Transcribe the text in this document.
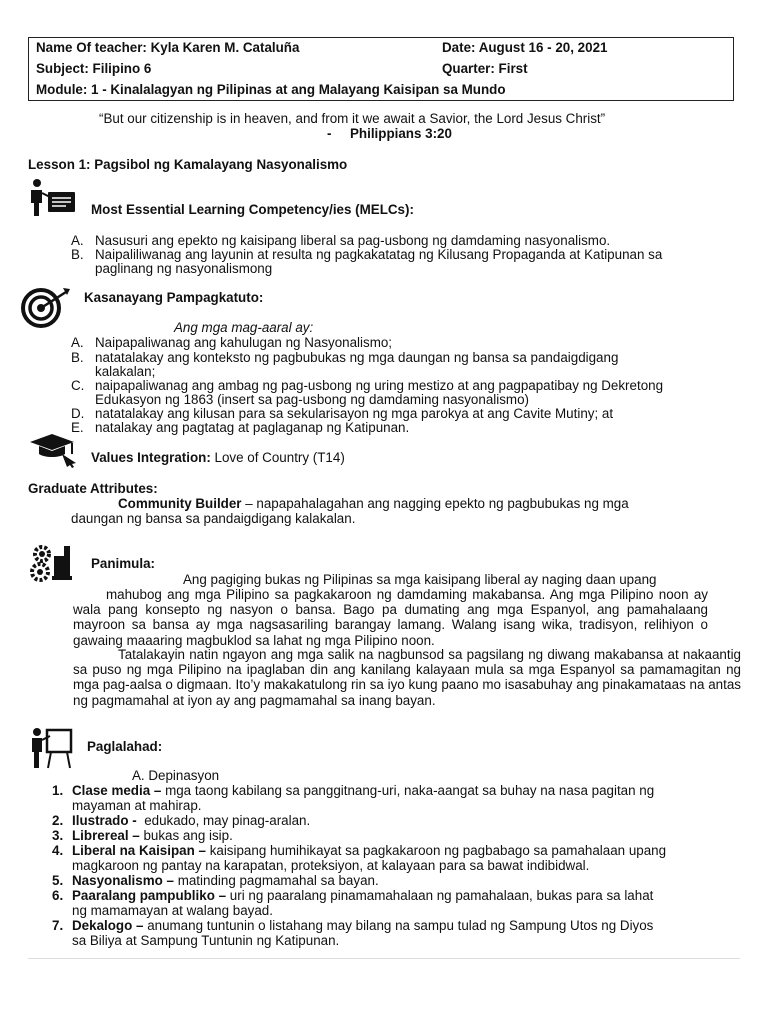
Name Of teacher: Kyla Karen M. Cataluña	Date: August 16 - 20, 2021
Subject: Filipino 6	Quarter: First
Module: 1 - Kinalalagyan ng Pilipinas at ang Malayang Kaisipan sa Mundo
“But our citizenship is in heaven, and from it we await a Savior, the Lord Jesus Christ”
- Philippians 3:20
Lesson 1: Pagsibol ng Kamalayang Nasyonalismo
Most Essential Learning Competency/ies (MELCs):
A. Nasusuri ang epekto ng kaisipang liberal sa pag-usbong ng damdaming nasyonalismo.
B. Naipaliliwanag ang layunin at resulta ng pagkakatatag ng Kilusang Propaganda at Katipunan sa
paglinang ng nasyonalismong
Kasanayang Pampagkatuto:
Ang mga mag-aaral ay:
A. Naipapaliwanag ang kahulugan ng Nasyonalismo;
B. natatalakay ang konteksto ng pagbubukas ng mga daungan ng bansa sa pandaigdigang
kalakalan;
C. naipapaliwanag ang ambag ng pag-usbong ng uring mestizo at ang pagpapatibay ng Dekretong
Edukasyon ng 1863 (insert sa pag-usbong ng damdaming nasyonalismo)
D. natatalakay ang kilusan para sa sekularisayon ng mga parokya at ang Cavite Mutiny; at
E. natalakay ang pagtatag at paglaganap ng Katipunan.
Values Integration: Love of Country (T14)
Graduate Attributes:
Community Builder – napapahalagahan ang nagging epekto ng pagbubukas ng mga
daungan ng bansa sa pandaigdigang kalakalan.
Panimula:
Ang pagiging bukas ng Pilipinas sa mga kaisipang liberal ay naging daan upang
mahubog ang mga Pilipino sa pagkakaroon ng damdaming makabansa. Ang mga Pilipino noon ay wala pang konsepto ng nasyon o bansa. Bago pa dumating ang mga Espanyol, ang pamahalaang mayroon sa bansa ay mga nagsasariling barangay lamang. Walang isang wika, tradisyon, relihiyon o gawaing maaaring magbuklod sa lahat ng mga Pilipino noon.
Tatalakayin natin ngayon ang mga salik na nagbunsod sa pagsilang ng diwang makabansa at nakaantig sa puso ng mga Pilipino na ipaglaban din ang kanilang kalayaan mula sa mga Espanyol sa pamamagitan ng mga pag-aalsa o digmaan. Ito’y makakatulong rin sa iyo kung paano mo isasabuhay ang pinakamataas na antas ng pagmamahal at iyon ay ang pagmamahal sa inang bayan.
Paglalahad:
A. Depinasyon
1. Clase media – mga taong kabilang sa panggitnang-uri, naka-aangat sa buhay na nasa pagitan ng
mayaman at mahirap.
2. Ilustrado - edukado, may pinag-aralan.
3. Librereal – bukas ang isip.
4. Liberal na Kaisipan – kaisipang humihikayat sa pagkakaroon ng pagbabago sa pamahalaan upang
magkaroon ng pantay na karapatan, proteksiyon, at kalayaan para sa bawat indibidwal.
5. Nasyonalismo – matinding pagmamahal sa bayan.
6. Paaralang pampubliko – uri ng paaralang pinamamahalaan ng pamahalaan, bukas para sa lahat
ng mamamayan at walang bayad.
7. Dekalogo – anumang tuntunin o listahang may bilang na sampu tulad ng Sampung Utos ng Diyos
sa Biliya at Sampung Tuntunin ng Katipunan.
